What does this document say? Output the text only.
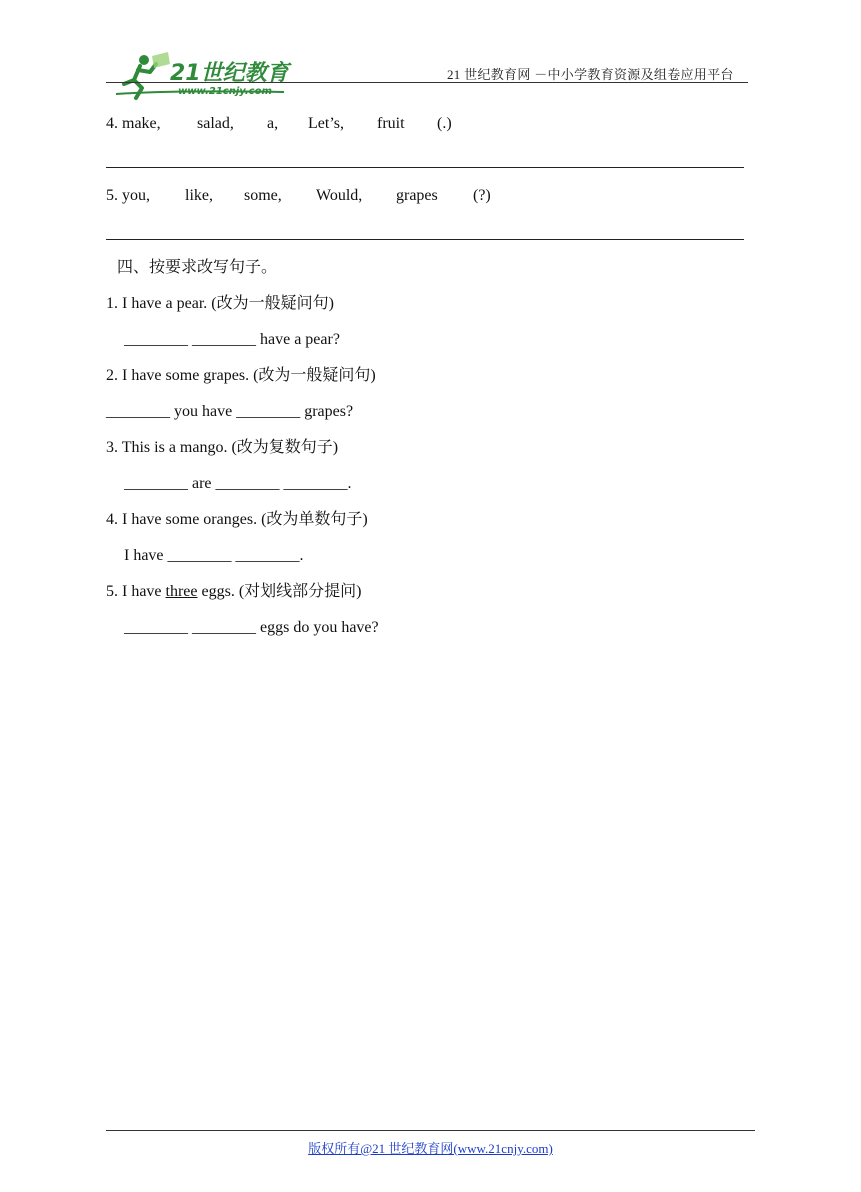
21世纪教育
www.21cnjy.com

21 世纪教育网 －中小学教育资源及组卷应用平台

4. make,

salad,

a,

Let’s,

fruit

(.)

5. you,

like,

some,

Would,

grapes

(?)

四、按要求改写句子。
1. I have a pear. (改为一般疑问句)
________ ________ have a pear?
2. I have some grapes. (改为一般疑问句)
________ you have ________ grapes?
3. This is a mango. (改为复数句子)
________ are ________ ________.
4. I have some oranges. (改为单数句子)
I have ________ ________.
5. I have three eggs. (对划线部分提问)
________ ________ eggs do you have?
版权所有@21 世纪教育网(www.21cnjy.com)
